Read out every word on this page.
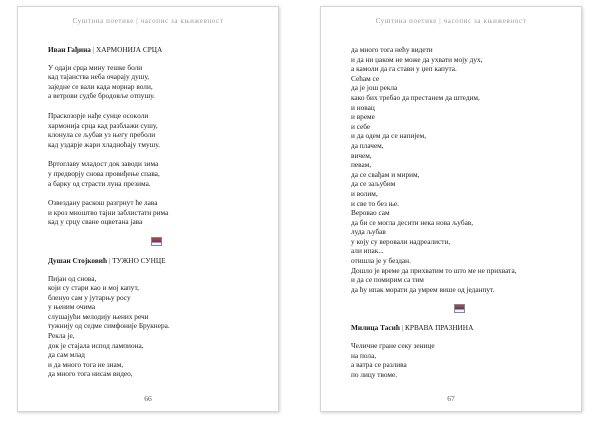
Суштина поетике | часопис за књижевност
Иван Гађина | ХАРМОНИЈА СРЦА
У одаји срца мину тешке боли
кад тајанства неба очарају душу,
заједнe се вали када морнар воли,
а ветрови судбе бродовље отпушу.
Праскозорје нађе сунце осокoли
хармонија срца кад разблажи сушу,
клонула се љубав уз његу преболи
кад уздарје жари хладноћају тмушу.
Вртоглаву младост док заводи зима
у предворју снова провиђење спава,
а барку од страсти луна презима.
Озвездану раскош разгрнут ће лава
и кроз мноштво тајни заблистати рима
кад у срцу сване оцветана јава
Душан Стојковић | ТУЖНО СУНЦЕ
Пијан од снова,
који су стари као и мој капут,
бленуо сам у јутарњу росу
у њеним очима
слушајући мелодију њених речи
тужнију од седме симфоније Брукнера.
Рекла је,
док је стајала испод лампиона,
да сам млад
и да много тога не знам,
да много тога нисам видео,
66
Суштина поетике | часопис за књижевност
да много тога нећу видети
и да ни џаком не може да ухвати моју дух,
а камоли да га стави у џеп капута.
Сећам се
да је још рекла
како бих требао да престанем да штедим,
и новац
и време
и себе
и да одем да се напијем,
да плачем,
вичем,
певам,
да се свађам и мирим,
да се заљубим
и волим,
и све то без ње.
Веровао сам
да би се могла десити нека нова љубав,
луда љубав
у коју су веровали надреалисти,
али ипак...
отишла је у бездан.
Дошло је време да прихватим то што ме не прихвата,
и да се помирим са тим
да ћу ипак морати да умрем више од једанпут.
Милица Тасић | КРВАВА ПРАЗНИНА
Челичне гране секу зенице
на пола,
а ватра се разлива
по лицу твоме.
67
